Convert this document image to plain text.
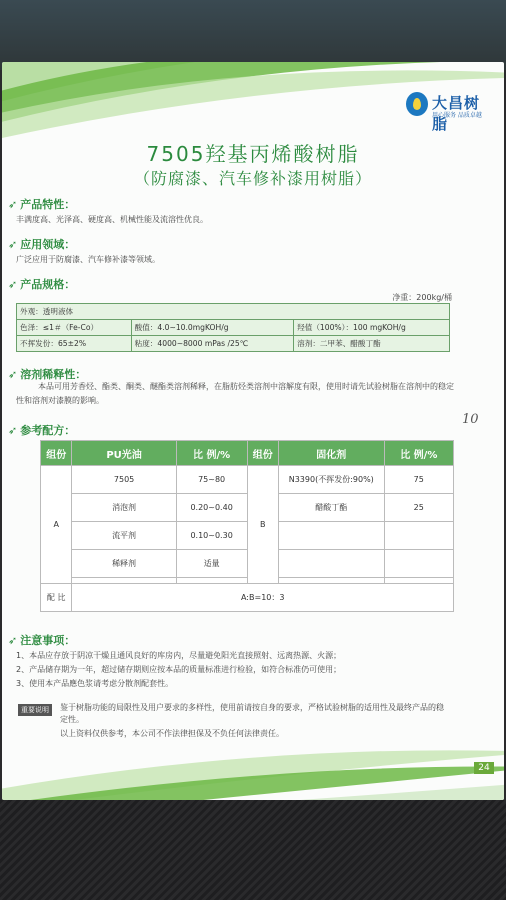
大昌树脂
用心服务 品质卓越
7505羟基丙烯酸树脂
（防腐漆、汽车修补漆用树脂）
➶ 产品特性：
丰满度高、光泽高、硬度高、机械性能及流溶性优良。
➶ 应用领域：
广泛应用于防腐漆、汽车修补漆等领域。
➶ 产品规格：
净重：200kg/桶
外观：透明液体		
色泽：≤1＃（Fe-Co）	酸值：4.0~10.0mgKOH/g	羟值（100%）：100 mgKOH/g
不挥发份：65±2%	粘度：4000~8000 mPas /25℃	溶剂：二甲苯、醋酸丁酯
➶ 溶剂稀释性：
本品可用芳香烃、酯类、酮类、醚酯类溶剂稀释，在脂肪烃类溶剂中溶解度有限，使用时请先试验树脂在溶剂中的稳定性和溶剂对漆膜的影响。
➶ 参考配方：
组份	PU光油	比 例/%	组份	固化剂	比 例/%
A	7505	75~80	B	N3390(不挥发份:90%)	75
	消泡剂	0.20~0.40		醋酸丁酯	25
	流平剂	0.10~0.30			
	稀释剂	适量			

配 比	A:B=10：3				
➶ 注意事项：
1、本品应存放于阴凉干燥且通风良好的库房内，尽量避免阳光直接照射、远离热源、火源；
2、产品储存期为一年，超过储存期则应按本品的质量标准进行检验，如符合标准仍可使用；
3、使用本产品應色浆请考虑分散剂配套性。
重要说明	鉴于树脂功能的局限性及用户要求的多样性，使用前请按自身的要求，严格试验树脂的适用性及最终产品的稳定性。
以上资料仅供参考，本公司不作法律担保及不负任何法律责任。
10
24
